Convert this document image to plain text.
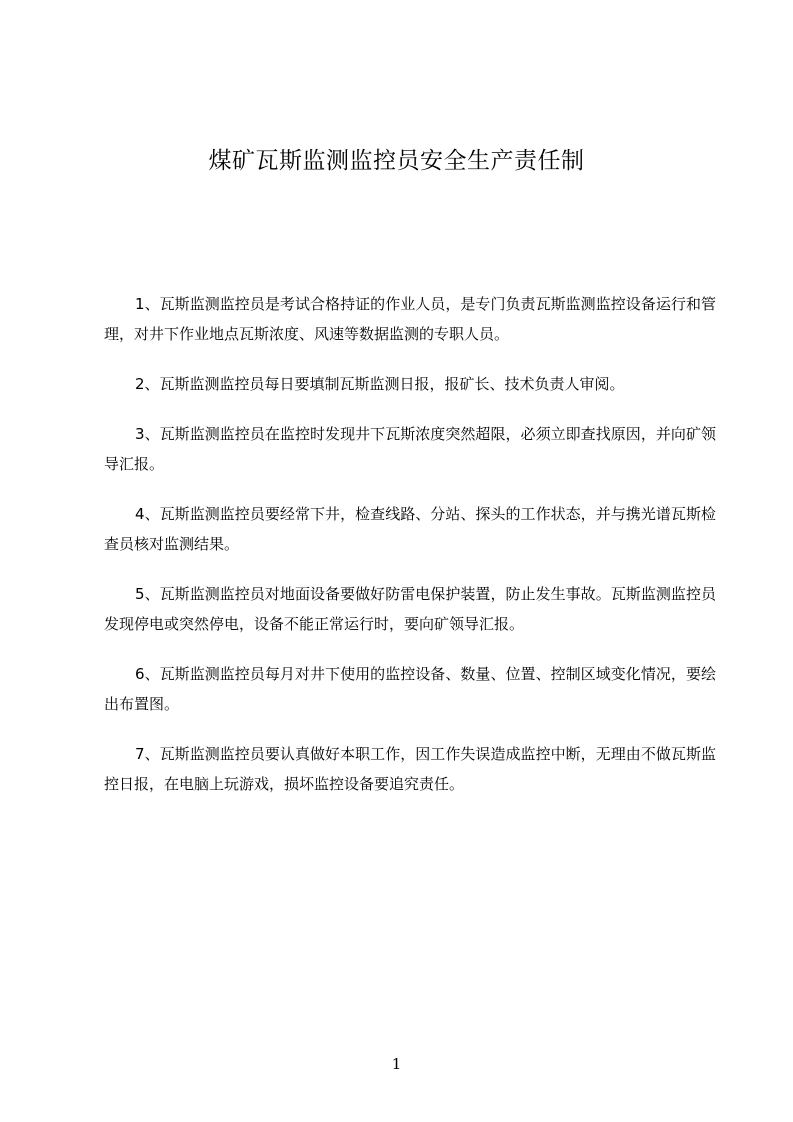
煤矿瓦斯监测监控员安全生产责任制

1、瓦斯监测监控员是考试合格持证的作业人员，是专门负责瓦斯监测监控设备运行和管理，对井下作业地点瓦斯浓度、风速等数据监测的专职人员。

2、瓦斯监测监控员每日要填制瓦斯监测日报，报矿长、技术负责人审阅。

3、瓦斯监测监控员在监控时发现井下瓦斯浓度突然超限，必须立即查找原因，并向矿领导汇报。

4、瓦斯监测监控员要经常下井，检查线路、分站、探头的工作状态，并与携光谱瓦斯检查员核对监测结果。

5、瓦斯监测监控员对地面设备要做好防雷电保护装置，防止发生事故。瓦斯监测监控员发现停电或突然停电，设备不能正常运行时，要向矿领导汇报。

6、瓦斯监测监控员每月对井下使用的监控设备、数量、位置、控制区域变化情况，要绘出布置图。

7、瓦斯监测监控员要认真做好本职工作，因工作失误造成监控中断，无理由不做瓦斯监控日报，在电脑上玩游戏，损坏监控设备要追究责任。

1
